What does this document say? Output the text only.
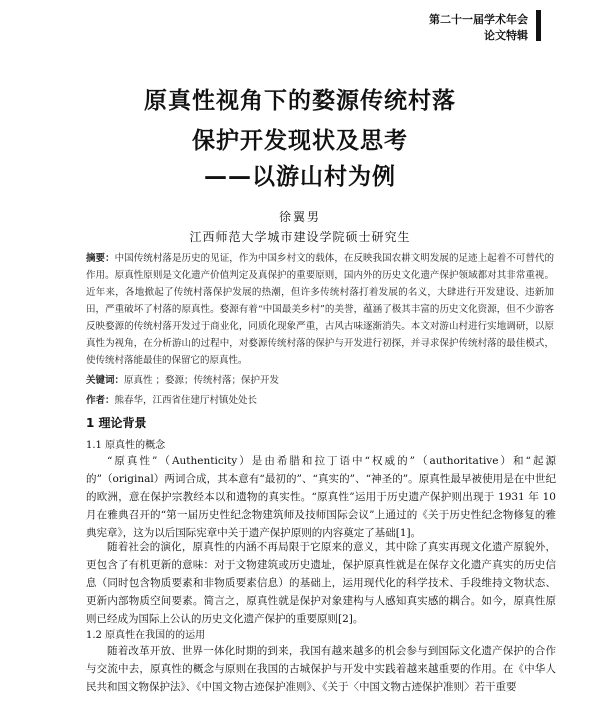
第二十一届学术年会
论文特辑
原真性视角下的婺源传统村落
保护开发现状及思考
——以游山村为例
徐翼男
江西师范大学城市建设学院硕士研究生

摘要：中国传统村落是历史的见证，作为中国乡村文的载体，在反映我国农耕文明发展的足迹上起着不可替代的作用。原真性原则是文化遗产价值判定及真保护的重要原则，国内外的历史文化遗产保护领域都对其非常重视。近年来，各地掀起了传统村落保护发展的热潮，但许多传统村落打着发展的名义，大肆进行开发建设、违新加田，严重破坏了村落的原真性。婺源有着“中国最美乡村”的美誉，蕴涵了极其丰富的历史文化资源，但不少游客反映婺源的传统村落开发过于商业化，同质化现象严重，古风古味逐渐消失。本文对游山村进行实地调研，以原真性为视角，在分析游山的过程中，对婺源传统村落的保护与开发进行初探，并寻求保护传统村落的最佳模式，使传统村落能最佳的保留它的原真性。

关键词：原真性 ；婺源；传统村落；保护开发
作者：熊春华，江西省住建厅村镇处处长
1 理论背景
1.1 原真性的概念

“原真性”（Authenticity）是由希腊和拉丁语中“权威的”（authoritative）和“起源的”（original）两词合成，其本意有“最初的”、“真实的”、“神圣的”。原真性最早被使用是在中世纪的欧洲，意在保护宗教经本以和遗物的真实性。“原真性”运用于历史遗产保护则出现于 1931 年 10 月在雅典召开的“第一届历史性纪念物建筑师及技师国际会议”上通过的《关于历史性纪念物修复的雅典宪章》，这为以后国际宪章中关于遗产保护原则的内容奠定了基础[1]。

随着社会的演化，原真性的内涵不再局限于它原来的意义，其中除了真实再现文化遗产原貌外，更包含了有机更新的意味：对于文物建筑或历史遗址，保护原真性就是在保存文化遗产真实的历史信息（同时包含物质要素和非物质要素信息）的基础上，运用现代化的科学技术、手段维持文物状态、更新内部物质空间要素。简言之，原真性就是保护对象建构与人感知真实感的耦合。如今，原真性原则已经成为国际上公认的历史文化遗产保护的重要原则[2]。

1.2 原真性在我国的的运用

随着改革开放、世界一体化时期的到来，我国有越来越多的机会参与到国际文化遗产保护的合作与交流中去，原真性的概念与原则在我国的古城保护与开发中实践着越来越重要的作用。在《中华人民共和国文物保护法》、《中国文物古迹保护准则》、《关于〈中国文物古迹保护准则〉若干重要
